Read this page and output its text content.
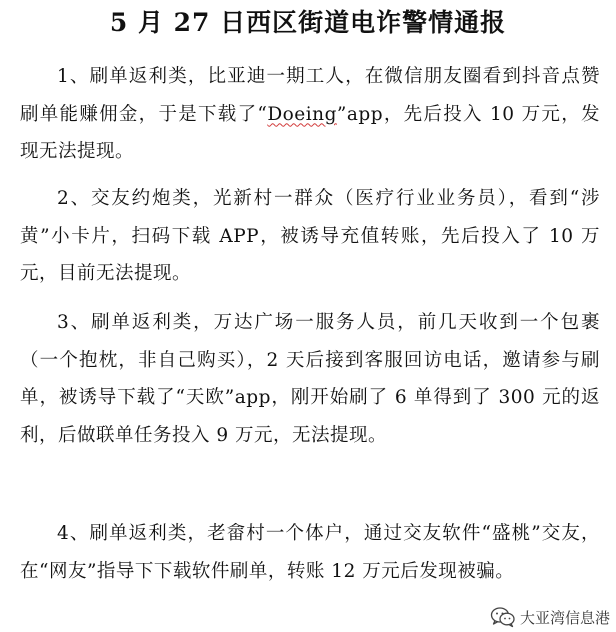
5 月 27 日西区街道电诈警情通报
1、刷单返利类，比亚迪一期工人，在微信朋友圈看到抖音点赞刷单能赚佣金，于是下载了“Doeing”app，先后投入 10 万元，发现无法提现。
2、交友约炮类，光新村一群众（医疗行业业务员），看到“涉黄”小卡片，扫码下载 APP，被诱导充值转账，先后投入了 10 万元，目前无法提现。
3、刷单返利类，万达广场一服务人员，前几天收到一个包裹（一个抱枕，非自己购买），2 天后接到客服回访电话，邀请参与刷单，被诱导下载了“天欧”app，刚开始刷了 6 单得到了 300 元的返利，后做联单任务投入 9 万元，无法提现。
4、刷单返利类，老畲村一个体户，通过交友软件“盛桃”交友，在“网友”指导下下载软件刷单，转账 12 万元后发现被骗。
大亚湾信息港
